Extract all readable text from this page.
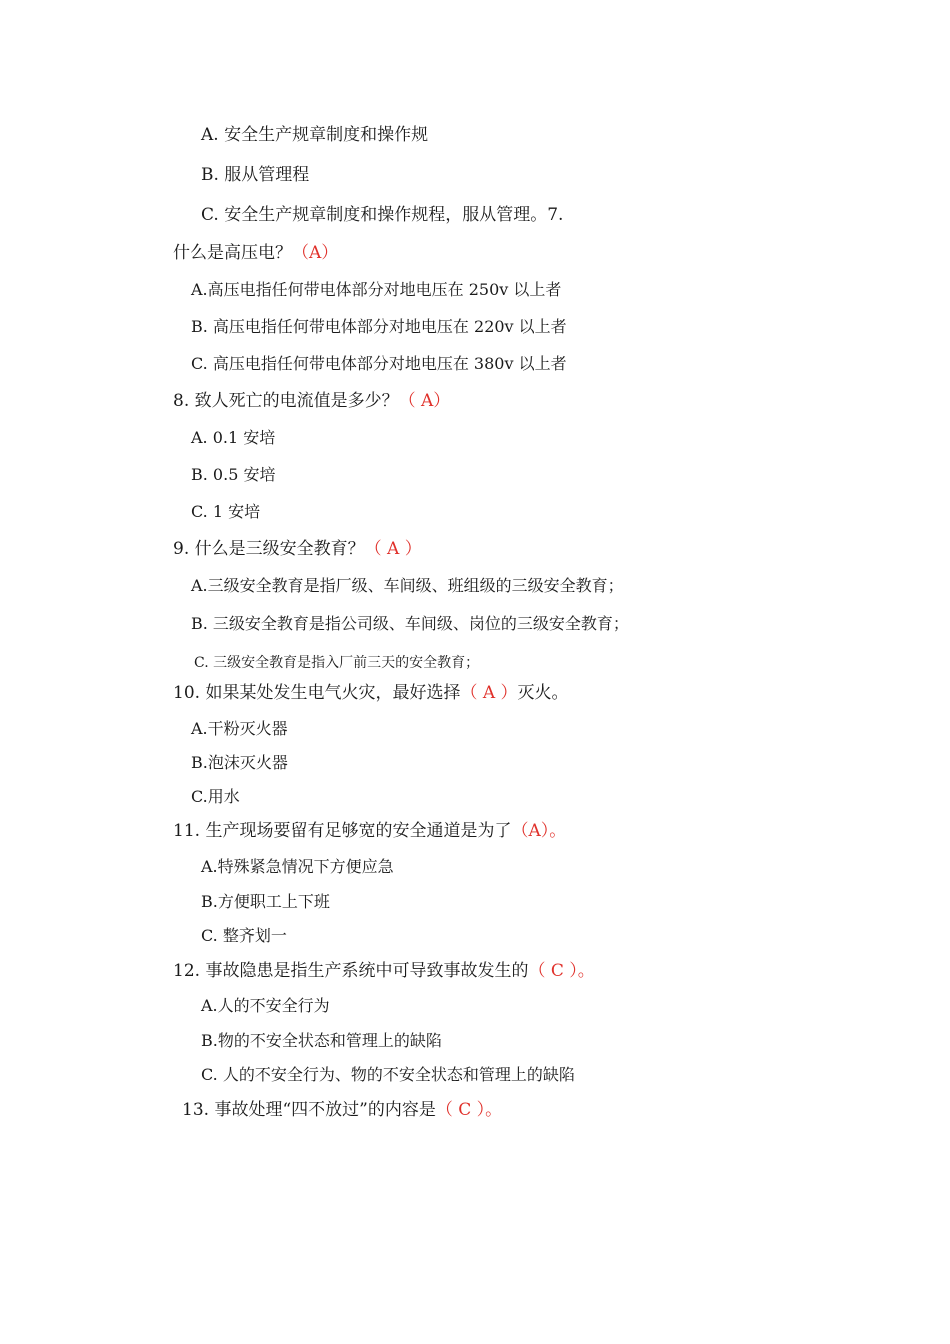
A. 安全生产规章制度和操作规
B. 服从管理程
C. 安全生产规章制度和操作规程，服从管理。7.
什么是高压电？（A）
A.高压电指任何带电体部分对地电压在 250v 以上者
B. 高压电指任何带电体部分对地电压在 220v 以上者
C. 高压电指任何带电体部分对地电压在 380v 以上者
8. 致人死亡的电流值是多少？（ A）
A. 0.1 安培
B. 0.5 安培
C. 1 安培
9. 什么是三级安全教育？（ A ）
A.三级安全教育是指厂级、车间级、班组级的三级安全教育；
B. 三级安全教育是指公司级、车间级、岗位的三级安全教育；
C. 三级安全教育是指入厂前三天的安全教育；
10. 如果某处发生电气火灾，最好选择（ A ）灭火。
A.干粉灭火器
B.泡沫灭火器
C.用水
11. 生产现场要留有足够宽的安全通道是为了（A）。
A.特殊紧急情况下方便应急
B.方便职工上下班
C. 整齐划一
12. 事故隐患是指生产系统中可导致事故发生的（ C ）。
A.人的不安全行为
B.物的不安全状态和管理上的缺陷
C. 人的不安全行为、物的不安全状态和管理上的缺陷
13. 事故处理“四不放过”的内容是（ C ）。
